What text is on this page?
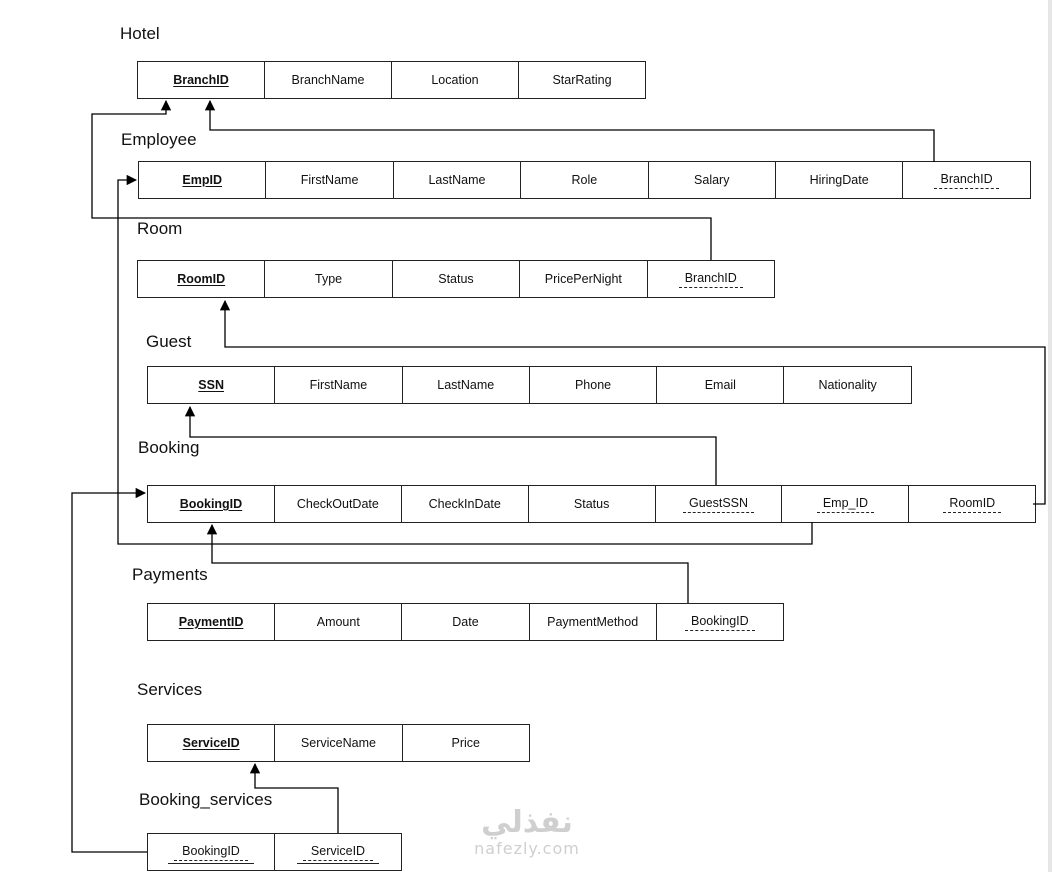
Hotel
Employee
Room
Guest
Booking
Payments
Services
Booking_services
BranchID	BranchName	Location	StarRating
EmpID	FirstName	LastName	Role	Salary	HiringDate	BranchID
RoomID	Type	Status	PricePerNight	BranchID
SSN	FirstName	LastName	Phone	Email	Nationality
BookingID	CheckOutDate	CheckInDate	Status	GuestSSN	Emp_ID	RoomID
PaymentID	Amount	Date	PaymentMethod	BookingID
ServiceID	ServiceName	Price
BookingID	ServiceID
نفذلي
nafezly.com
